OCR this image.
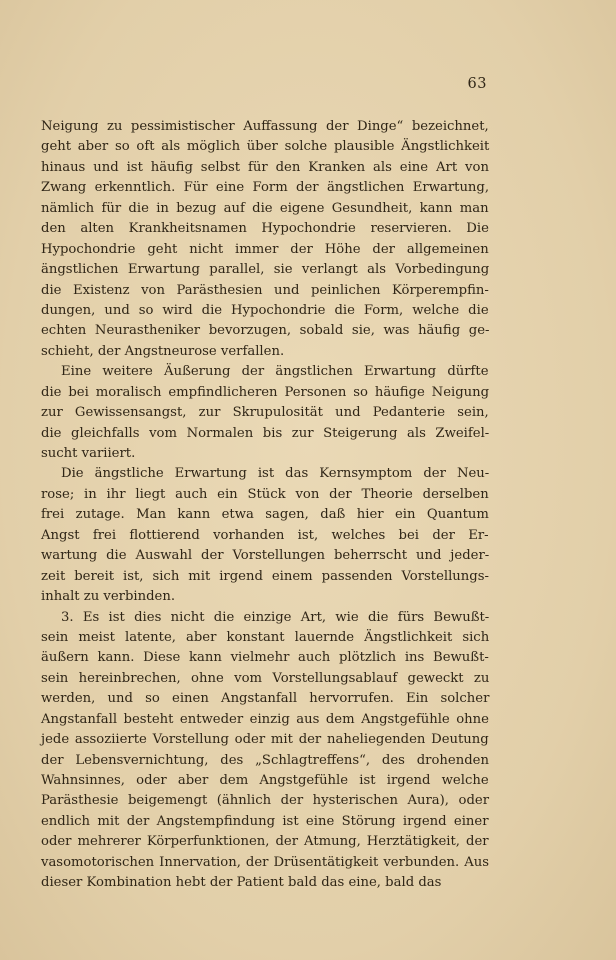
63
Neigung zu pessimistischer Auffassung der Dinge“ bezeichnet,
geht aber so oft als möglich über solche plausible Ängstlichkeit
hinaus und ist häufig selbst für den Kranken als eine Art von
Zwang erkenntlich. Für eine Form der ängstlichen Erwartung,
nämlich für die in bezug auf die eigene Gesundheit, kann man
den alten Krankheitsnamen Hypochondrie reservieren. Die
Hypochondrie geht nicht immer der Höhe der allgemeinen
ängstlichen Erwartung parallel, sie verlangt als Vorbedingung
die Existenz von Parästhesien und peinlichen Körperempfin-
dungen, und so wird die Hypochondrie die Form, welche die
echten Neurastheniker bevorzugen, sobald sie, was häufig ge-
schieht, der Angstneurose verfallen.
Eine weitere Äußerung der ängstlichen Erwartung dürfte
die bei moralisch empfindlicheren Personen so häufige Neigung
zur Gewissensangst, zur Skrupulosität und Pedanterie sein,
die gleichfalls vom Normalen bis zur Steigerung als Zweifel-
sucht variiert.
Die ängstliche Erwartung ist das Kernsymptom der Neu-
rose; in ihr liegt auch ein Stück von der Theorie derselben
frei zutage. Man kann etwa sagen, daß hier ein Quantum
Angst frei flottierend vorhanden ist, welches bei der Er-
wartung die Auswahl der Vorstellungen beherrscht und jeder-
zeit bereit ist, sich mit irgend einem passenden Vorstellungs-
inhalt zu verbinden.
3. Es ist dies nicht die einzige Art, wie die fürs Bewußt-
sein meist latente, aber konstant lauernde Ängstlichkeit sich
äußern kann. Diese kann vielmehr auch plötzlich ins Bewußt-
sein hereinbrechen, ohne vom Vorstellungsablauf geweckt zu
werden, und so einen Angstanfall hervorrufen. Ein solcher
Angstanfall besteht entweder einzig aus dem Angstgefühle ohne
jede assoziierte Vorstellung oder mit der naheliegenden Deutung
der Lebensvernichtung, des „Schlagtreffens“, des drohenden
Wahnsinnes, oder aber dem Angstgefühle ist irgend welche
Parästhesie beigemengt (ähnlich der hysterischen Aura), oder
endlich mit der Angstempfindung ist eine Störung irgend einer
oder mehrerer Körperfunktionen, der Atmung, Herztätigkeit, der
vasomotorischen Innervation, der Drüsentätigkeit verbunden. Aus
dieser Kombination hebt der Patient bald das eine, bald das
